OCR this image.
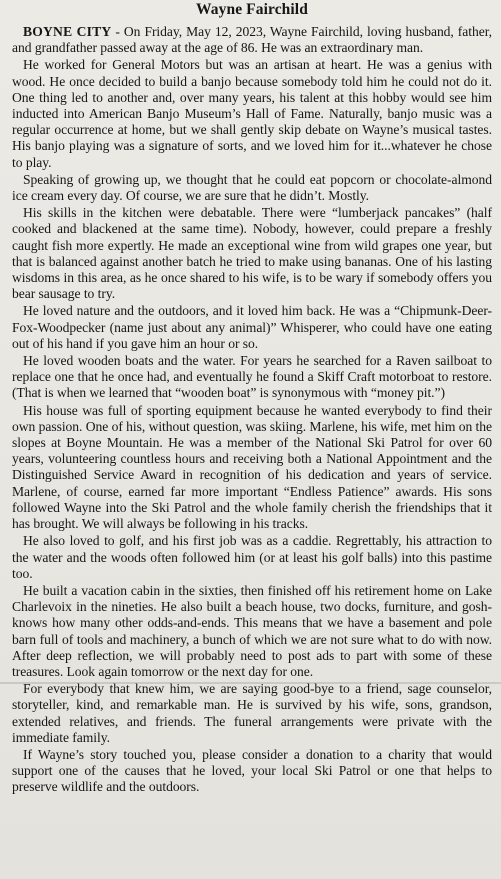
Wayne Fairchild

BOYNE CITY - On Friday, May 12, 2023, Wayne Fairchild, loving husband, father, and grandfather passed away at the age of 86. He was an extraordinary man.

He worked for General Motors but was an artisan at heart. He was a genius with wood. He once decided to build a banjo because somebody told him he could not do it. One thing led to another and, over many years, his talent at this hobby would see him inducted into American Banjo Museum’s Hall of Fame. Naturally, banjo music was a regular occurrence at home, but we shall gently skip debate on Wayne’s musical tastes. His banjo playing was a signature of sorts, and we loved him for it...whatever he chose to play.

Speaking of growing up, we thought that he could eat popcorn or chocolate-almond ice cream every day. Of course, we are sure that he didn’t. Mostly.

His skills in the kitchen were debatable. There were “lumberjack pancakes” (half cooked and blackened at the same time). Nobody, however, could prepare a freshly caught fish more expertly. He made an exceptional wine from wild grapes one year, but that is balanced against another batch he tried to make using bananas. One of his lasting wisdoms in this area, as he once shared to his wife, is to be wary if somebody offers you bear sausage to try.

He loved nature and the outdoors, and it loved him back. He was a “Chipmunk-Deer-Fox-Woodpecker (name just about any animal)” Whisperer, who could have one eating out of his hand if you gave him an hour or so.

He loved wooden boats and the water. For years he searched for a Raven sailboat to replace one that he once had, and eventually he found a Skiff Craft motorboat to restore. (That is when we learned that “wooden boat” is synonymous with “money pit.”)

His house was full of sporting equipment because he wanted everybody to find their own passion. One of his, without question, was skiing. Marlene, his wife, met him on the slopes at Boyne Mountain. He was a member of the National Ski Patrol for over 60 years, volunteering countless hours and receiving both a National Appointment and the Distinguished Service Award in recognition of his dedication and years of service. Marlene, of course, earned far more important “Endless Patience” awards. His sons followed Wayne into the Ski Patrol and the whole family cherish the friendships that it has brought. We will always be following in his tracks.

He also loved to golf, and his first job was as a caddie. Regrettably, his attraction to the water and the woods often followed him (or at least his golf balls) into this pastime too.

He built a vacation cabin in the sixties, then finished off his retirement home on Lake Charlevoix in the nineties. He also built a beach house, two docks, furniture, and gosh-knows how many other odds-and-ends. This means that we have a basement and pole barn full of tools and machinery, a bunch of which we are not sure what to do with now. After deep reflection, we will probably need to post ads to part with some of these treasures. Look again tomorrow or the next day for one.

For everybody that knew him, we are saying good-bye to a friend, sage counselor, storyteller, kind, and remarkable man. He is survived by his wife, sons, grandson, extended relatives, and friends. The funeral arrangements were private with the immediate family.

If Wayne’s story touched you, please consider a donation to a charity that would support one of the causes that he loved, your local Ski Patrol or one that helps to preserve wildlife and the outdoors.
